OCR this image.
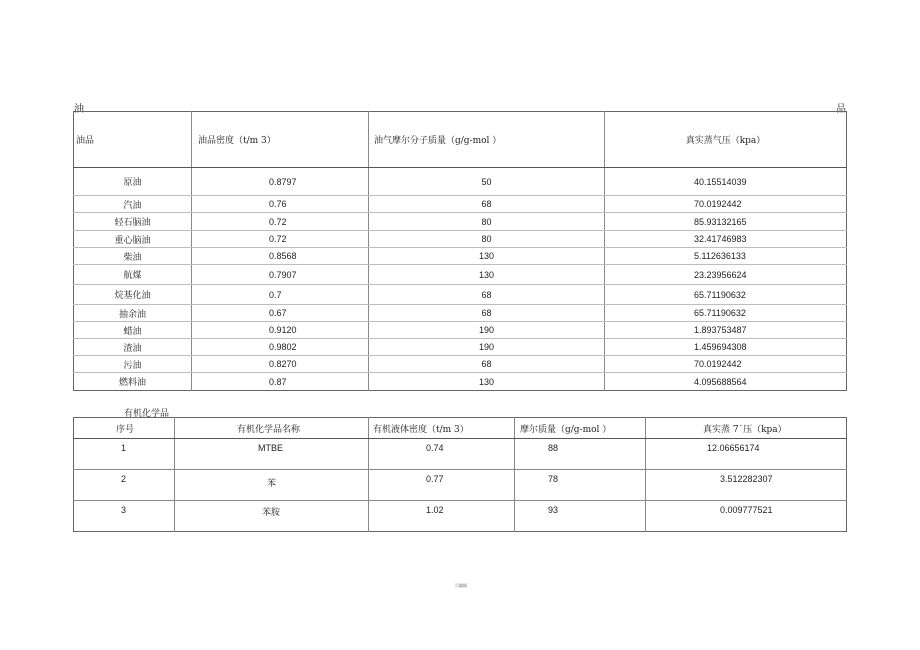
油	品
油品	油品密度（t/m 3）	油气摩尔分子质量（g/g-mol ）	真实蒸气压（kpa）
原油	0.8797	50	40.15514039
汽油	0.76	68	70.0192442
轻石脑油	0.72	80	85.93132165
重心脑油	0.72	80	32.41746983
柴油	0.8568	130	5.112636133
航煤	0.7907	130	23.23956624
烷基化油	0.7	68	65.71190632
抽余油	0.67	68	65.71190632
蜡油	0.9120	190	1.893753487
渣油	0.9802	190	1.459694308
污油	0.8270	68	70.0192442
燃料油	0.87	130	4.095688564
有机化学品
序号	有机化学品名称	有机液体密度（t/m 3）	摩尔质量（g/g-mol ）	真实蒸 7˙压（kpa）

1	MTBE	0.74	88	12.06656174

2	苯	0.77	78	3.512282307

3	苯胺	1.02	93	0.009777521
可编辑
